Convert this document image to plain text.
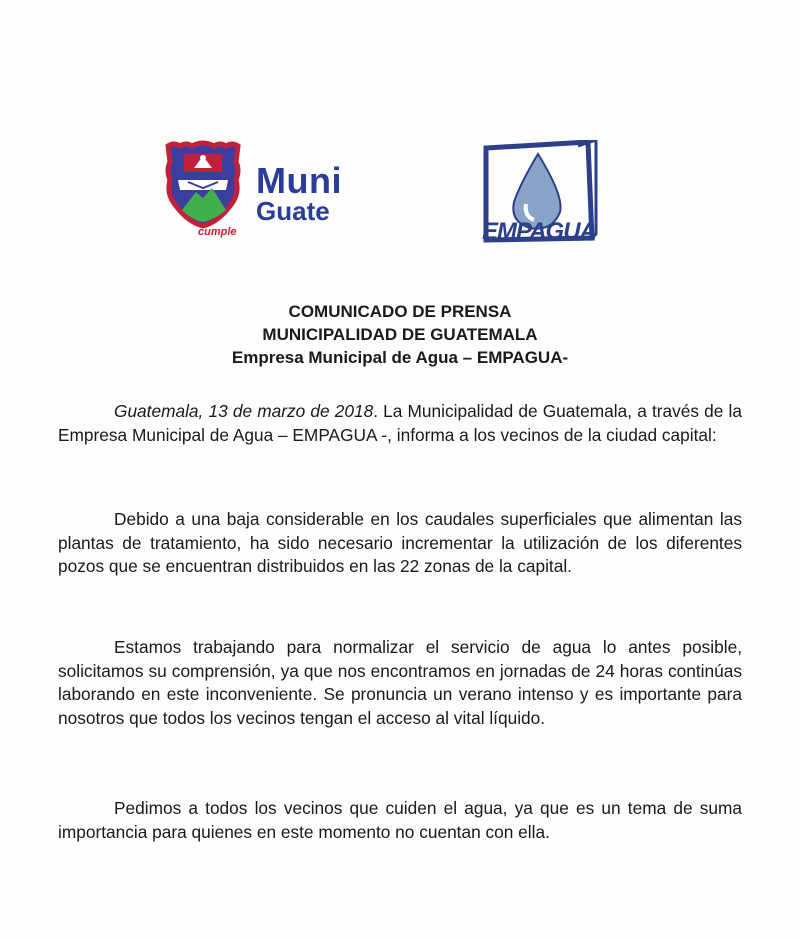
cumple
Muni
Guate
EMPAGUA
COMUNICADO DE PRENSA
MUNICIPALIDAD DE GUATEMALA
Empresa Municipal de Agua – EMPAGUA-
Guatemala, 13 de marzo de 2018. La Municipalidad de Guatemala, a través de la Empresa Municipal de Agua – EMPAGUA -, informa a los vecinos de la ciudad capital:
Debido a una baja considerable en los caudales superficiales que alimentan las plantas de tratamiento, ha sido necesario incrementar la utilización de los diferentes pozos que se encuentran distribuidos en las 22 zonas de la capital.
Estamos trabajando para normalizar el servicio de agua lo antes posible, solicitamos su comprensión, ya que nos encontramos en jornadas de 24 horas continúas laborando en este inconveniente. Se pronuncia un verano intenso y es importante para nosotros que todos los vecinos tengan el acceso al vital líquido.
Pedimos a todos los vecinos que cuiden el agua, ya que es un tema de suma importancia para quienes en este momento no cuentan con ella.
